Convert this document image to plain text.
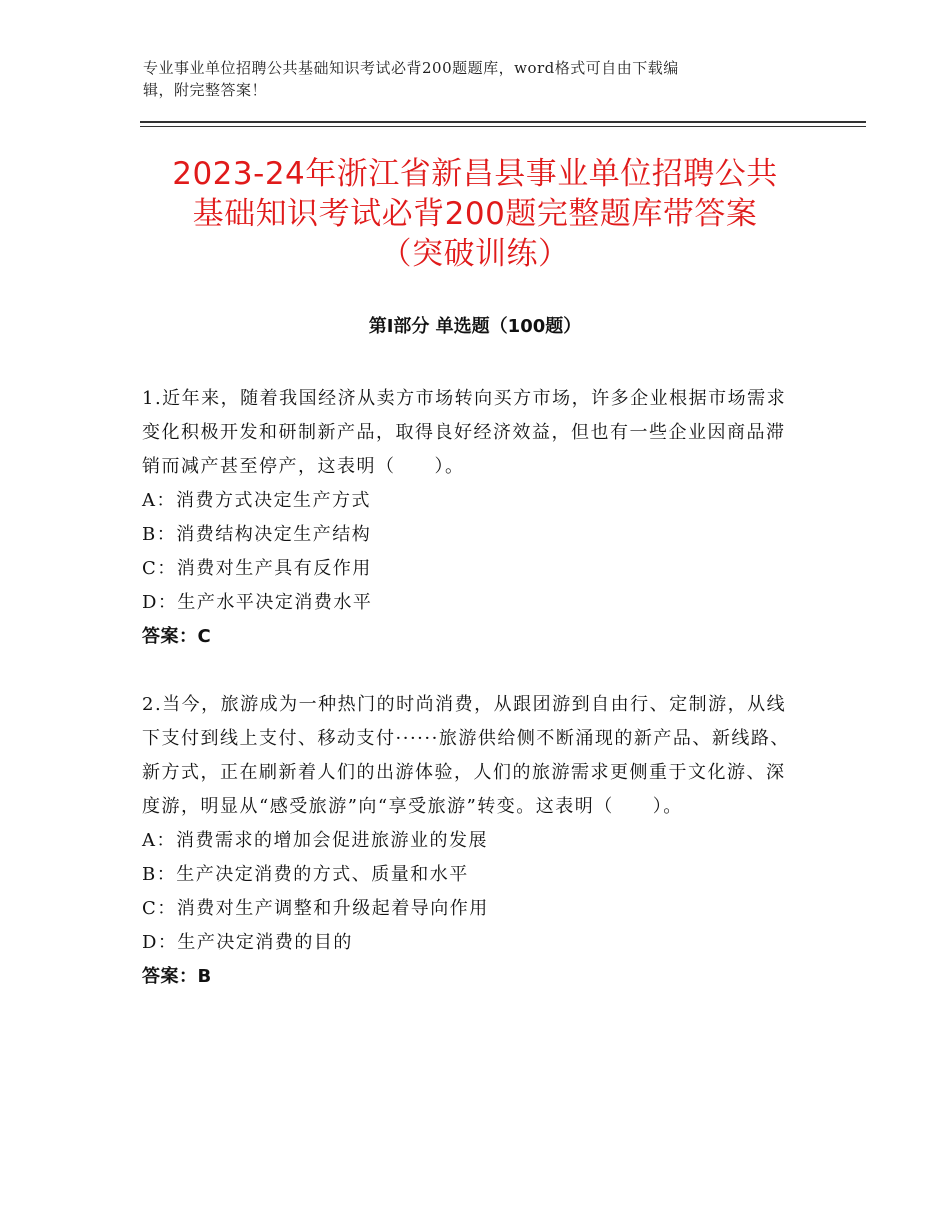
专业事业单位招聘公共基础知识考试必背200题题库，word格式可自由下载编
辑，附完整答案！
2023-24年浙江省新昌县事业单位招聘公共
基础知识考试必背200题完整题库带答案
（突破训练）
第Ⅰ部分 单选题（100题）
1.近年来，随着我国经济从卖方市场转向买方市场，许多企业根据市场需求变化积极开发和研制新产品，取得良好经济效益，但也有一些企业因商品滞销而减产甚至停产，这表明（　　）。
A：消费方式决定生产方式
B：消费结构决定生产结构
C：消费对生产具有反作用
D：生产水平决定消费水平
答案：C
2.当今，旅游成为一种热门的时尚消费，从跟团游到自由行、定制游，从线下支付到线上支付、移动支付······旅游供给侧不断涌现的新产品、新线路、新方式，正在刷新着人们的出游体验，人们的旅游需求更侧重于文化游、深度游，明显从“感受旅游”向“享受旅游”转变。这表明（　　）。
A：消费需求的增加会促进旅游业的发展
B：生产决定消费的方式、质量和水平
C：消费对生产调整和升级起着导向作用
D：生产决定消费的目的
答案：B
